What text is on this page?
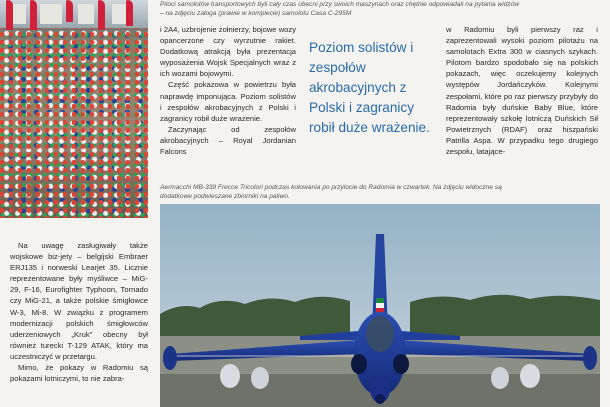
Piloci samolotów transportowych byli cały czas obecni przy swoich maszynach oraz chętnie odpowiadali na pytania widzów
– na zdjęciu załoga (prawie w komplecie) samolotu Casa C-295M

i 2A4, uzbrojenie żołnierzy, bojowe wozy opancerzone czy wyrzutnie rakiet. Dodatkową atrakcją była prezentacja wyposażenia Wojsk Specjalnych wraz z ich wozami bojowymi.

Część pokazowa w powietrzu była naprawdę imponująca. Poziom solistów i zespołów akrobacyjnych z Polski i zagranicy robił duże wrażenie.

Zaczynając od zespołów akrobacyjnych – Royal Jordanian Falcons

Poziom solistów i zespołów akrobacyjnych z Polski i zagranicy robił duże wrażenie.

w Radomiu byli pierwszy raz i zaprezentowali wysoki poziom pilotażu na samolotach Extra 300 w ciasnych szykach. Pilotom bardzo spodobało się na polskich pokazach, więc oczekujemy kolejnych występów Jordańczyków. Kolejnymi zespołami, które po raz pierwszy przybyły do Radomia były duńskie Baby Blue, które reprezentowały szkołę lotniczą Duńskich Sił Powietrznych (RDAF) oraz hiszpański Patrilla Aspa. W przypadku tego drugiego zespołu, latające-

Aermacchi MB-339 Frecce Tricolori podczas kołowania po przylocie do Radomia w czwartek. Na zdjęciu widoczne są
dodatkowe podwieszane zbiorniki na paliwo.

Na uwagę zasługiwały także wojskowe biz-jety – belgijski Embraer ERJ135 i norweski Learjet 35. Licznie reprezentowane były myśliwce – MiG-29, F-16, Eurofighter Typhoon, Tornado czy MiG-21, a także polskie śmigłowce W-3, Mi-8. W związku z programem modernizacji polskich śmigłowców uderzeniowych „Kruk” obecny był również turecki T-129 ATAK, który ma uczestniczyć w przetargu.

Mimo, że pokazy w Radomiu są pokazami lotniczymi, to nie zabra-
